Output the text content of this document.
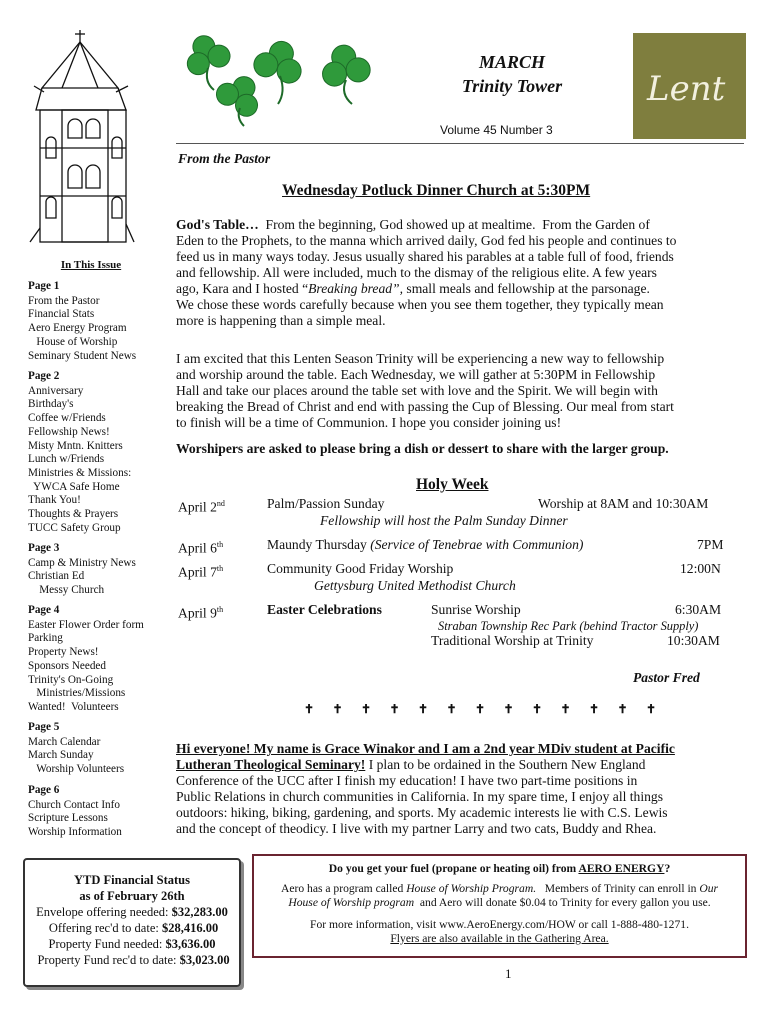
MARCH
Trinity Tower	Lent
Volume 45 Number 3
From the Pastor
Wednesday Potluck Dinner Church at 5:30PM
In This Issue
Page 1
From the Pastor
Financial Stats
Aero Energy Program
House of Worship
Seminary Student News
Page 2
Anniversary
Birthday's
Coffee w/Friends
Fellowship News!
Misty Mntn. Knitters
Lunch w/Friends
Ministries & Missions:
YWCA Safe Home
Thank You!
Thoughts & Prayers
TUCC Safety Group
Page 3
Camp & Ministry News
Christian Ed
Messy Church
Page 4
Easter Flower Order form
Parking
Property News!
Sponsors Needed
Trinity's On-Going
Ministries/Missions
Wanted!  Volunteers
Page 5
March Calendar
March Sunday
Worship Volunteers
Page 6
Church Contact Info
Scripture Lessons
Worship Information
God's Table…  From the beginning, God showed up at mealtime.  From the Garden of
Eden to the Prophets, to the manna which arrived daily, God fed his people and continues to
feed us in many ways today. Jesus usually shared his parables at a table full of food, friends
and fellowship. All were included, much to the dismay of the religious elite. A few years
ago, Kara and I hosted “Breaking bread”, small meals and fellowship at the parsonage.
We chose these words carefully because when you see them together, they typically mean
more is happening than a simple meal.
I am excited that this Lenten Season Trinity will be experiencing a new way to fellowship
and worship around the table. Each Wednesday, we will gather at 5:30PM in Fellowship
Hall and take our places around the table set with love and the Spirit. We will begin with
breaking the Bread of Christ and end with passing the Cup of Blessing. Our meal from start
to finish will be a time of Communion. I hope you consider joining us!
Worshipers are asked to please bring a dish or dessert to share with the larger group.
Holy Week
April 2nd	Palm/Passion Sunday	Worship at 8AM and 10:30AM
Fellowship will host the Palm Sunday Dinner
April 6th	Maundy Thursday (Service of Tenebrae with Communion)	7PM
April 7th	Community Good Friday Worship	12:00N
Gettysburg United Methodist Church
April 9th	Easter Celebrations	Sunrise Worship	6:30AM
Straban Township Rec Park (behind Tractor Supply)
Traditional Worship at Trinity	10:30AM
Pastor Fred
✝ ✝ ✝ ✝ ✝ ✝ ✝ ✝ ✝ ✝ ✝ ✝ ✝
Hi everyone! My name is Grace Winakor and I am a 2nd year MDiv student at Pacific
Lutheran Theological Seminary! I plan to be ordained in the Southern New England
Conference of the UCC after I finish my education! I have two part-time positions in
Public Relations in church communities in California. In my spare time, I enjoy all things
outdoors: hiking, biking, gardening, and sports. My academic interests lie with C.S. Lewis
and the concept of theodicy. I live with my partner Larry and two cats, Buddy and Rhea.
YTD Financial Status
as of February 26th
Envelope offering needed: $32,283.00
Offering rec'd to date: $28,416.00
Property Fund needed: $3,636.00
Property Fund rec'd to date: $3,023.00
Do you get your fuel (propane or heating oil) from AERO ENERGY?
Aero has a program called House of Worship Program.   Members of Trinity can enroll in Our
House of Worship program  and Aero will donate $0.04 to Trinity for every gallon you use.
For more information, visit www.AeroEnergy.com/HOW or call 1-888-480-1271.
Flyers are also available in the Gathering Area.
1
